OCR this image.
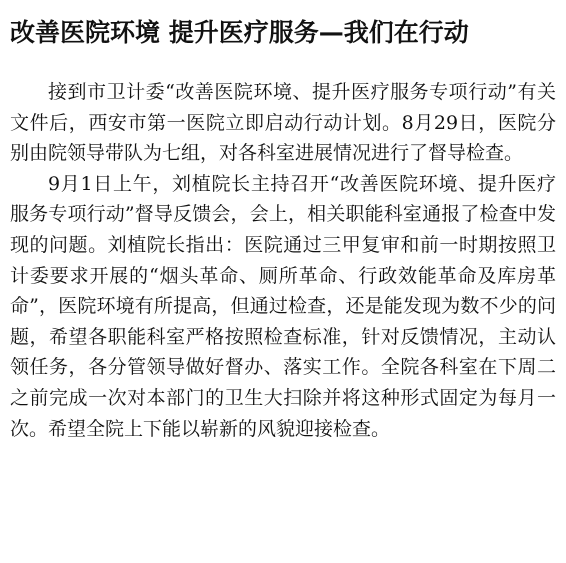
改善医院环境 提升医疗服务—我们在行动

接到市卫计委“改善医院环境、提升医疗服务专项行动”有关文件后，西安市第一医院立即启动行动计划。8月29日，医院分别由院领导带队为七组，对各科室进展情况进行了督导检查。

9月1日上午，刘植院长主持召开“改善医院环境、提升医疗服务专项行动”督导反馈会，会上，相关职能科室通报了检查中发现的问题。刘植院长指出：医院通过三甲复审和前一时期按照卫计委要求开展的“烟头革命、厕所革命、行政效能革命及库房革命”，医院环境有所提高，但通过检查，还是能发现为数不少的问题，希望各职能科室严格按照检查标准，针对反馈情况，主动认领任务，各分管领导做好督办、落实工作。全院各科室在下周二之前完成一次对本部门的卫生大扫除并将这种形式固定为每月一次。希望全院上下能以崭新的风貌迎接检查。
